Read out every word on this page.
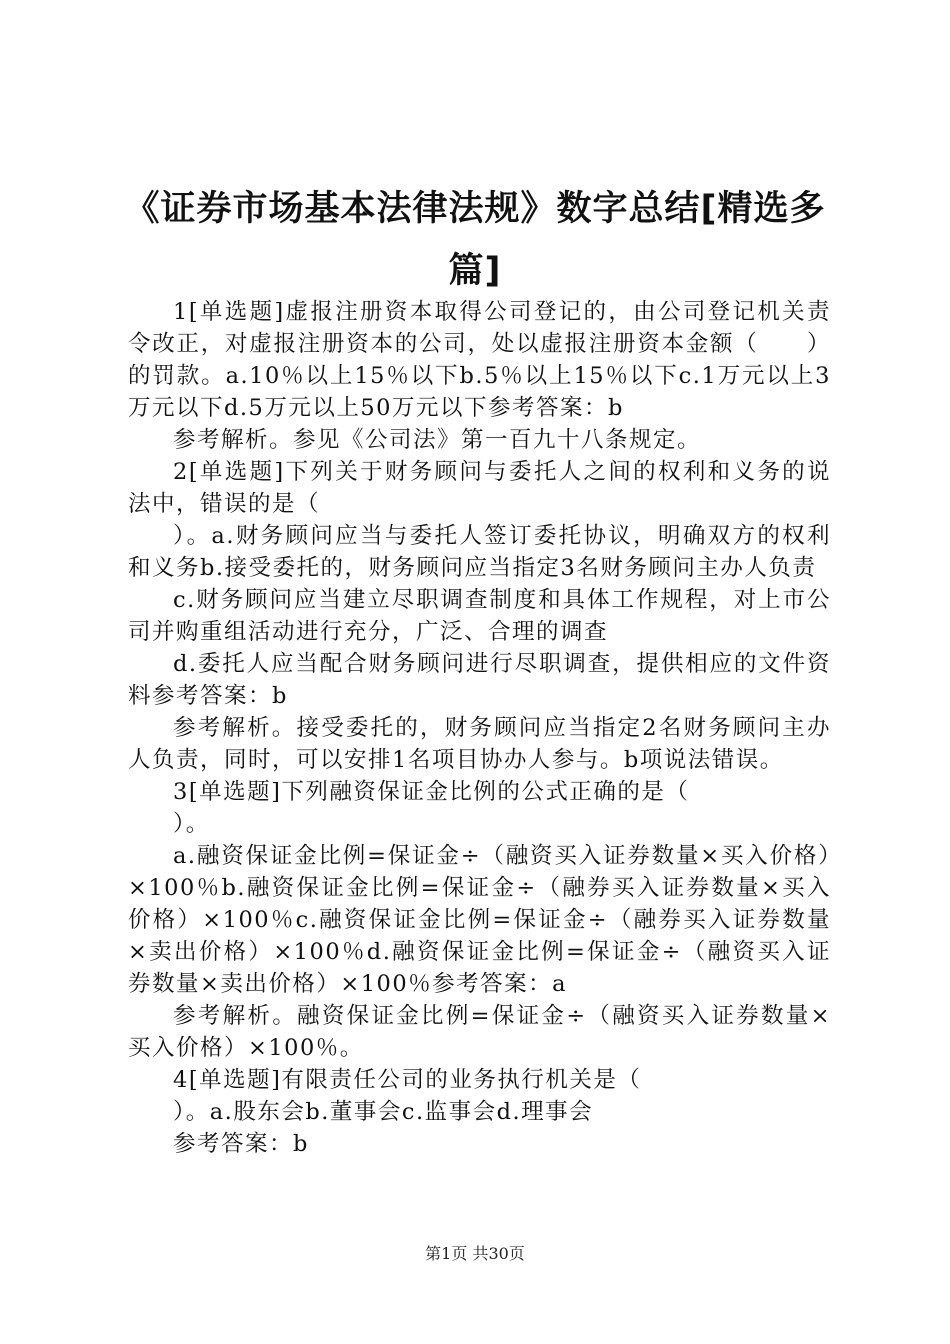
《证券市场基本法律法规》数字总结[精选多篇]

1[单选题]虚报注册资本取得公司登记的，由公司登记机关责令改正，对虚报注册资本的公司，处以虚报注册资本金额（　　）的罚款。a.10％以上15％以下b.5％以上15％以下c.1万元以上3万元以下d.5万元以上50万元以下参考答案：b

参考解析。参见《公司法》第一百九十八条规定。

2[单选题]下列关于财务顾问与委托人之间的权利和义务的说法中，错误的是（

）。a.财务顾问应当与委托人签订委托协议，明确双方的权利和义务b.接受委托的，财务顾问应当指定3名财务顾问主办人负责

c.财务顾问应当建立尽职调查制度和具体工作规程，对上市公司并购重组活动进行充分，广泛、合理的调查

d.委托人应当配合财务顾问进行尽职调查，提供相应的文件资料参考答案：b

参考解析。接受委托的，财务顾问应当指定2名财务顾问主办人负责，同时，可以安排1名项目协办人参与。b项说法错误。

3[单选题]下列融资保证金比例的公式正确的是（

）。

a.融资保证金比例=保证金÷（融资买入证券数量×买入价格）×100％b.融资保证金比例=保证金÷（融券买入证券数量×买入价格）×100％c.融资保证金比例=保证金÷（融券买入证券数量×卖出价格）×100％d.融资保证金比例=保证金÷（融资买入证券数量×卖出价格）×100％参考答案：a

参考解析。融资保证金比例=保证金÷（融资买入证券数量×买入价格）×100％。

4[单选题]有限责任公司的业务执行机关是（

）。a.股东会b.董事会c.监事会d.理事会

参考答案：b

第1页 共30页
